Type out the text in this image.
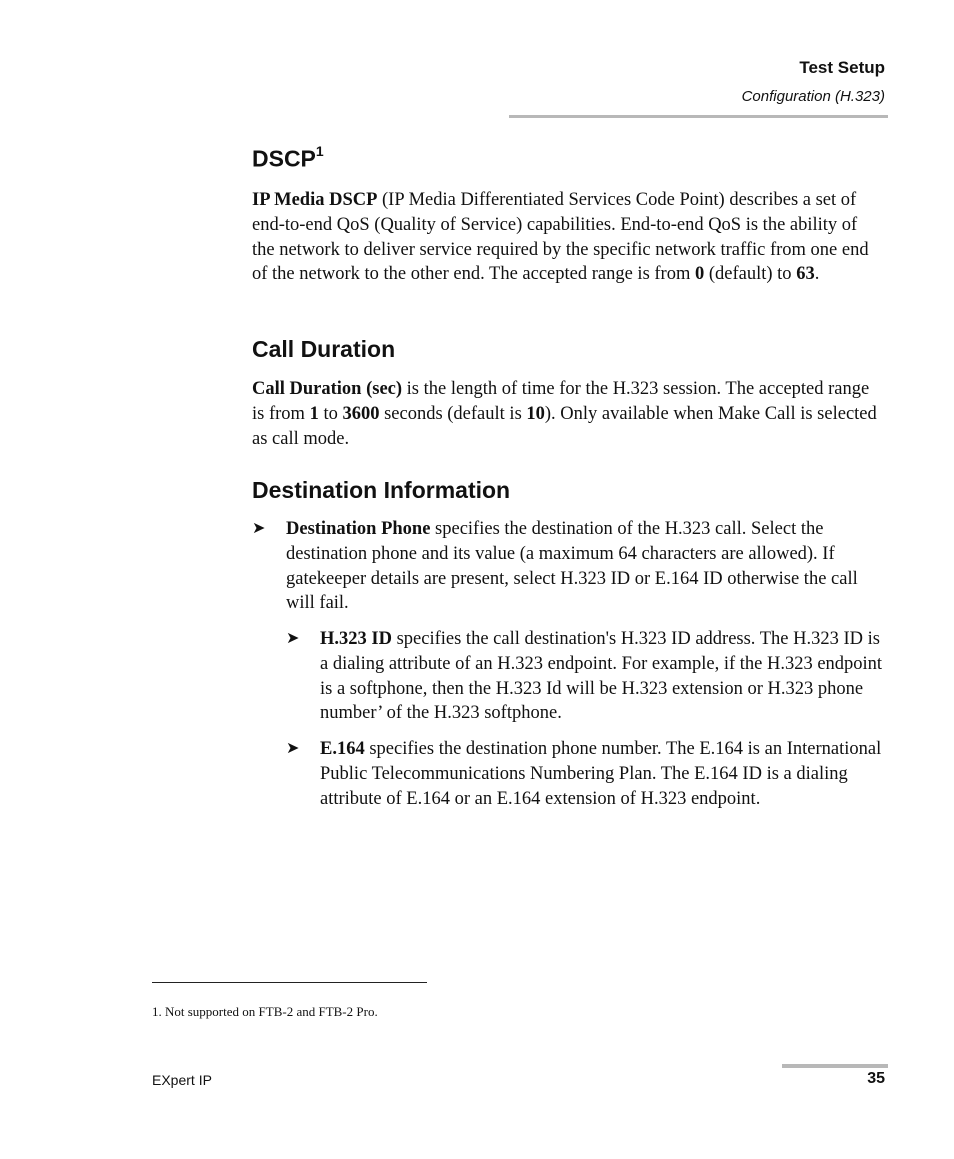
Test Setup
Configuration (H.323)
DSCP$^1$

IP Media DSCP (IP Media Differentiated Services Code Point) describes a set of end-to-end QoS (Quality of Service) capabilities. End-to-end QoS is the ability of the network to deliver service required by the specific network traffic from one end of the network to the other end. The accepted range is from 0 (default) to 63.

Call Duration

Call Duration (sec) is the length of time for the H.323 session. The accepted range is from 1 to 3600 seconds (default is 10). Only available when Make Call is selected as call mode.

Destination Information
➤ Destination Phone specifies the destination of the H.323 call. Select the destination phone and its value (a maximum 64 characters are allowed). If gatekeeper details are present, select H.323 ID or E.164 ID otherwise the call will fail.
➤ H.323 ID specifies the call destination's H.323 ID address. The H.323 ID is a dialing attribute of an H.323 endpoint. For example, if the H.323 endpoint is a softphone, then the H.323 Id will be H.323 extension or H.323 phone number’ of the H.323 softphone.
➤ E.164 specifies the destination phone number. The E.164 is an International Public Telecommunications Numbering Plan. The E.164 ID is a dialing attribute of E.164 or an E.164 extension of H.323 endpoint.
1. Not supported on FTB-2 and FTB-2 Pro.
EXpert IP	35
